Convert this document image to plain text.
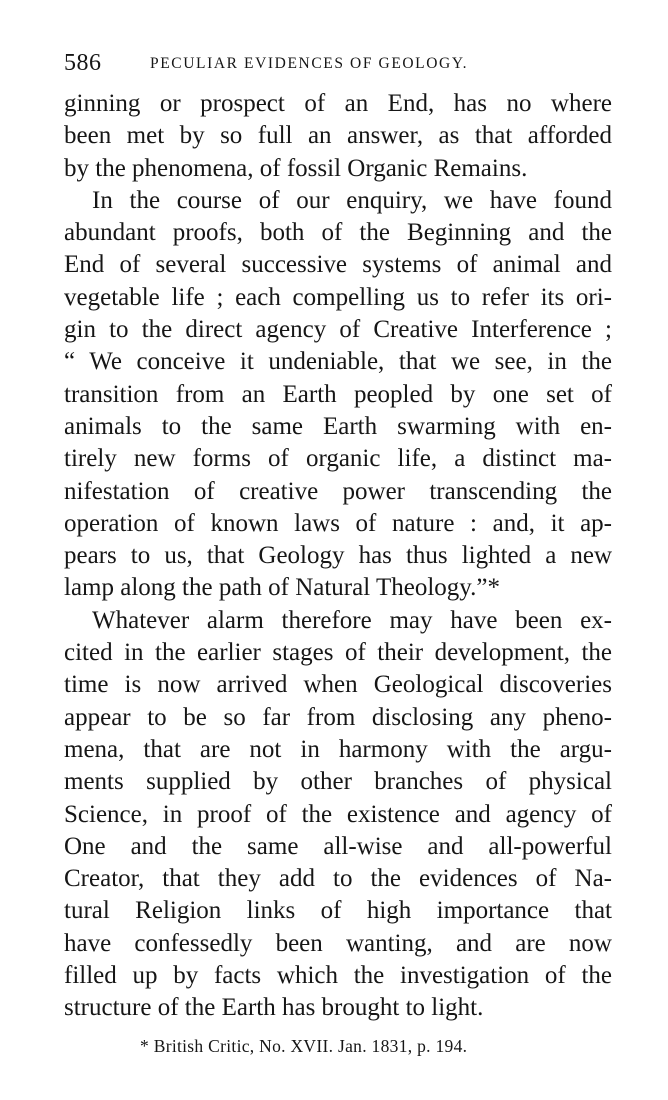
586	PECULIAR EVIDENCES OF GEOLOGY.
ginning or prospect of an End, has no where
been met by so full an answer, as that afforded
by the phenomena, of fossil Organic Remains.
In the course of our enquiry, we have found
abundant proofs, both of the Beginning and the
End of several successive systems of animal and
vegetable life ; each compelling us to refer its ori-
gin to the direct agency of Creative Interference ;
“ We conceive it undeniable, that we see, in the
transition from an Earth peopled by one set of
animals to the same Earth swarming with en-
tirely new forms of organic life, a distinct ma-
nifestation of creative power transcending the
operation of known laws of nature : and, it ap-
pears to us, that Geology has thus lighted a new
lamp along the path of Natural Theology.”*
Whatever alarm therefore may have been ex-
cited in the earlier stages of their development, the
time is now arrived when Geological discoveries
appear to be so far from disclosing any pheno-
mena, that are not in harmony with the argu-
ments supplied by other branches of physical
Science, in proof of the existence and agency of
One and the same all-wise and all-powerful
Creator, that they add to the evidences of Na-
tural Religion links of high importance that
have confessedly been wanting, and are now
filled up by facts which the investigation of the
structure of the Earth has brought to light.
* British Critic, No. XVII. Jan. 1831, p. 194.
